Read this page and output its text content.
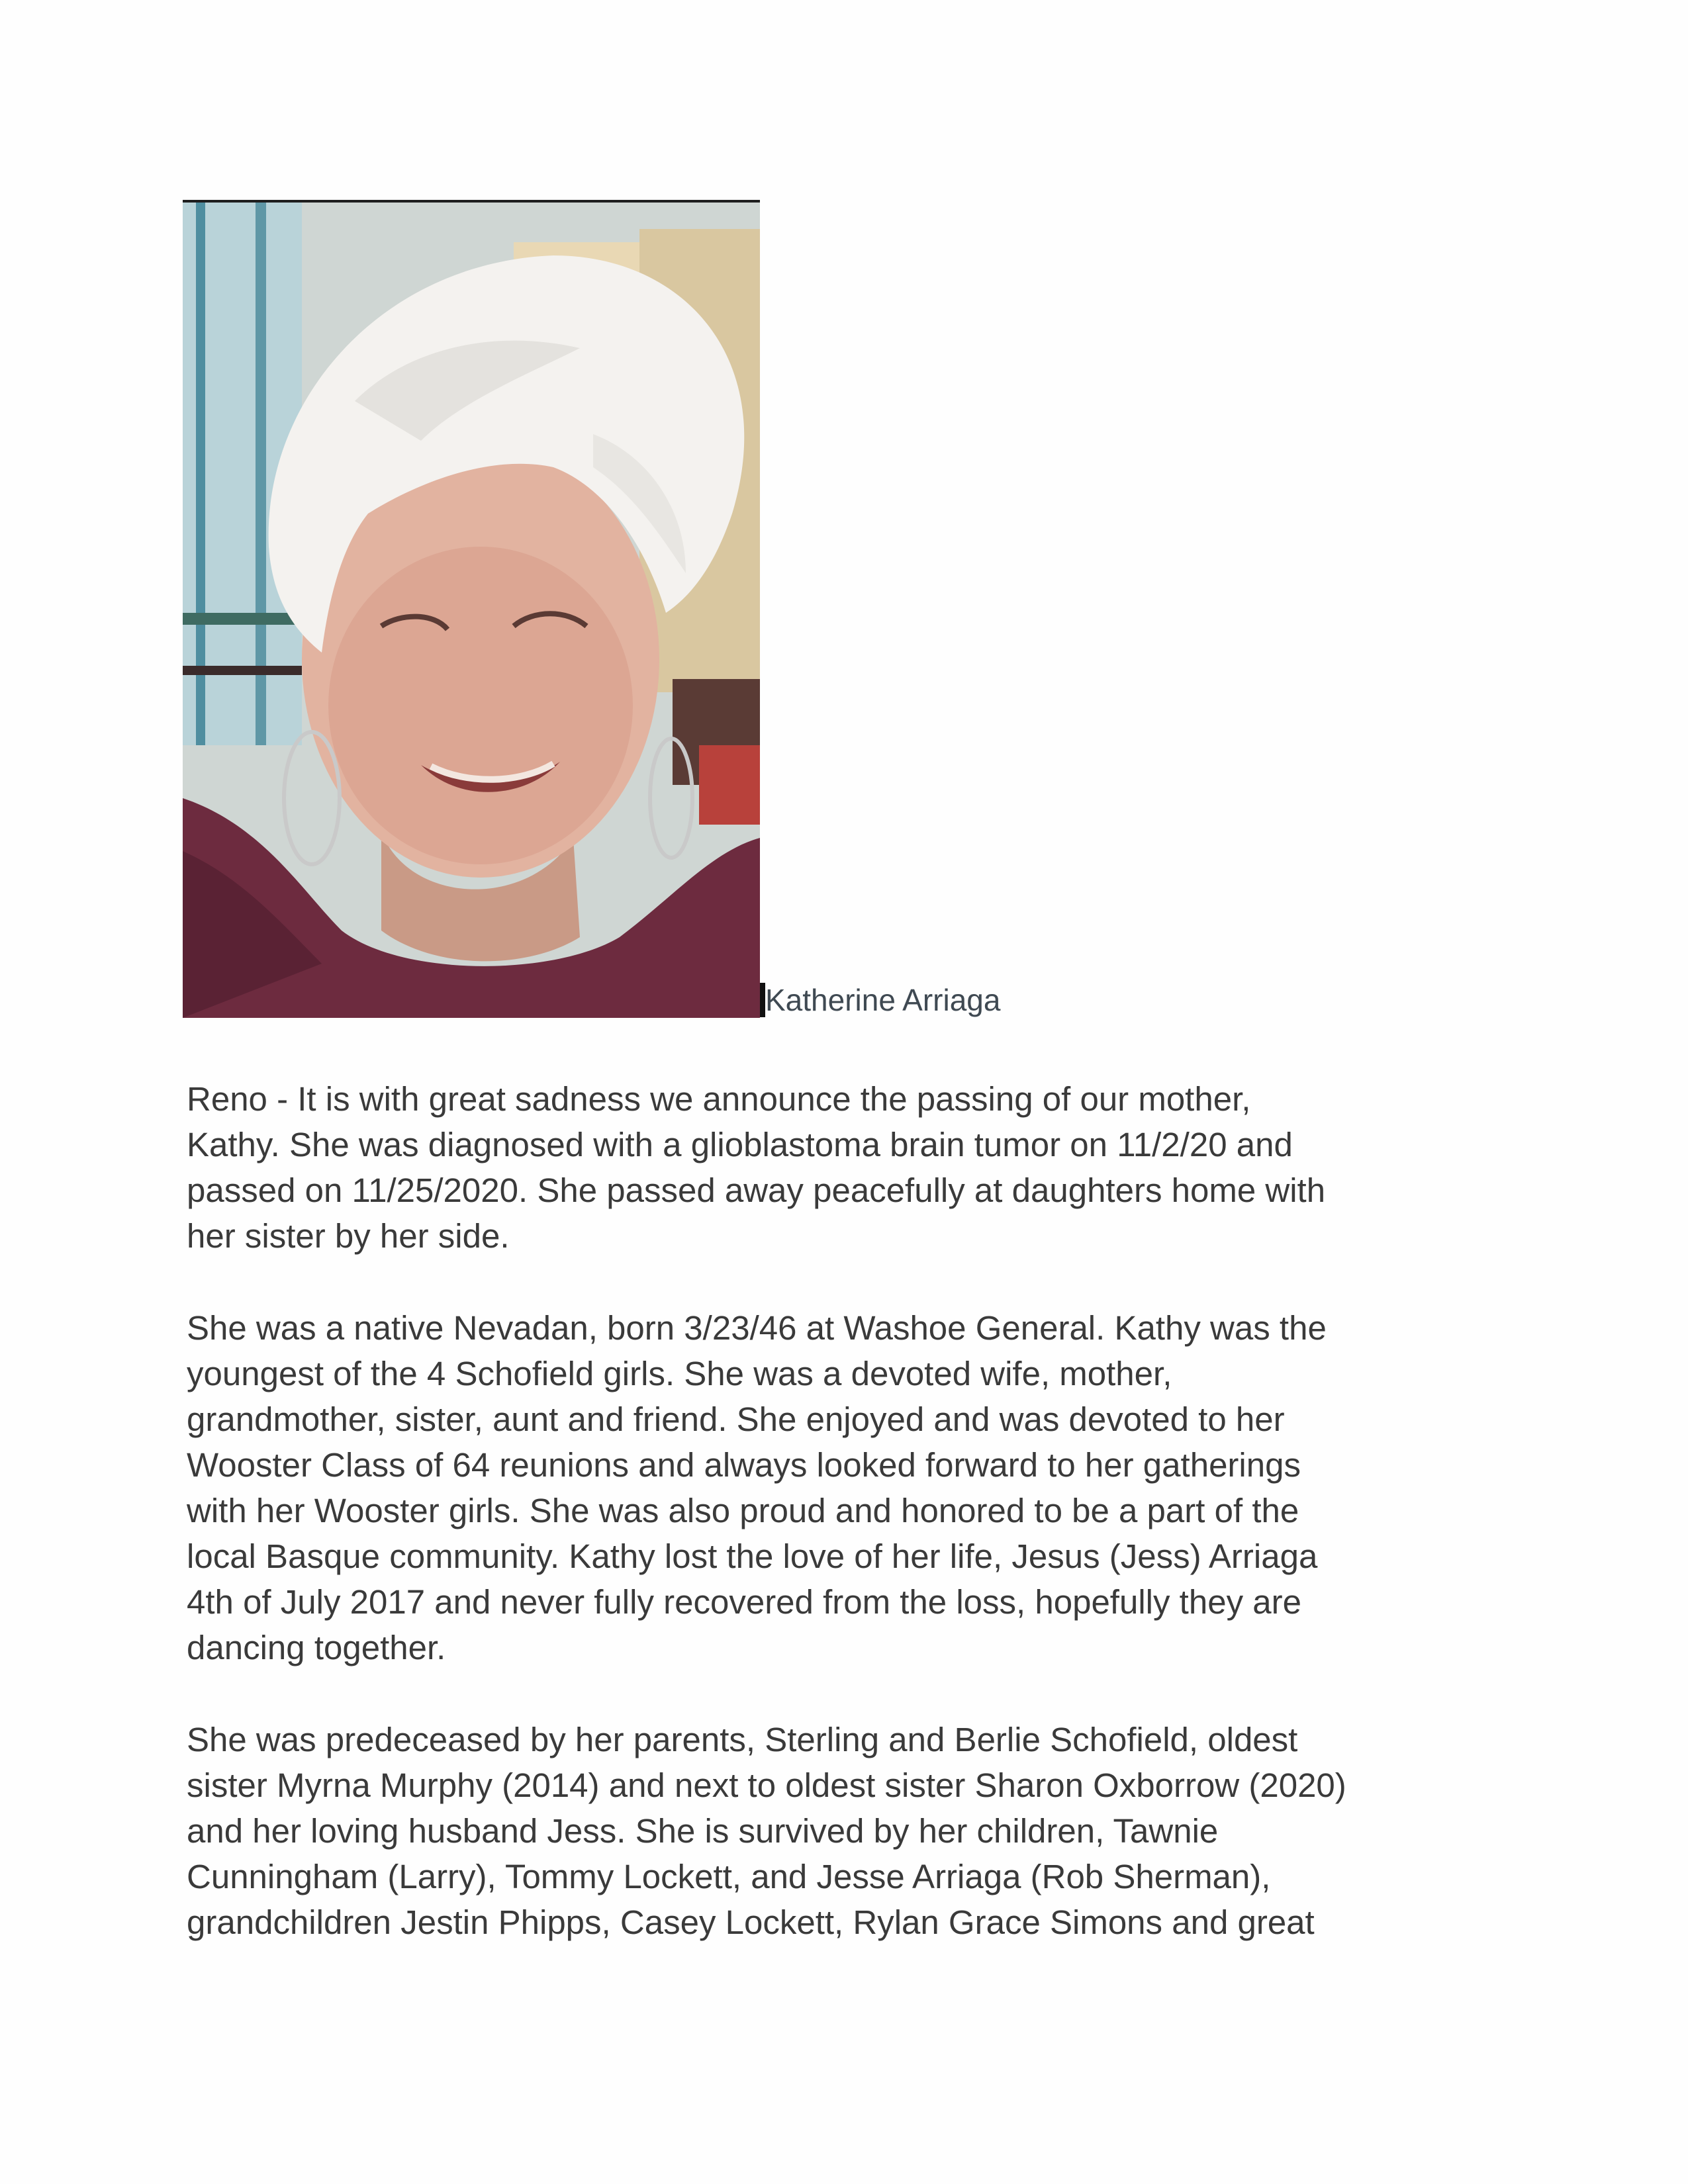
Katherine Arriaga

Reno - It is with great sadness we announce the passing of our mother,
Kathy. She was diagnosed with a glioblastoma brain tumor on 11/2/20 and
passed on 11/25/2020. She passed away peacefully at daughters home with
her sister by her side.

She was a native Nevadan, born 3/23/46 at Washoe General. Kathy was the
youngest of the 4 Schofield girls. She was a devoted wife, mother,
grandmother, sister, aunt and friend. She enjoyed and was devoted to her
Wooster Class of 64 reunions and always looked forward to her gatherings
with her Wooster girls. She was also proud and honored to be a part of the
local Basque community. Kathy lost the love of her life, Jesus (Jess) Arriaga
4th of July 2017 and never fully recovered from the loss, hopefully they are
dancing together.

She was predeceased by her parents, Sterling and Berlie Schofield, oldest
sister Myrna Murphy (2014) and next to oldest sister Sharon Oxborrow (2020)
and her loving husband Jess. She is survived by her children, Tawnie
Cunningham (Larry), Tommy Lockett, and Jesse Arriaga (Rob Sherman),
grandchildren Jestin Phipps, Casey Lockett, Rylan Grace Simons and great
